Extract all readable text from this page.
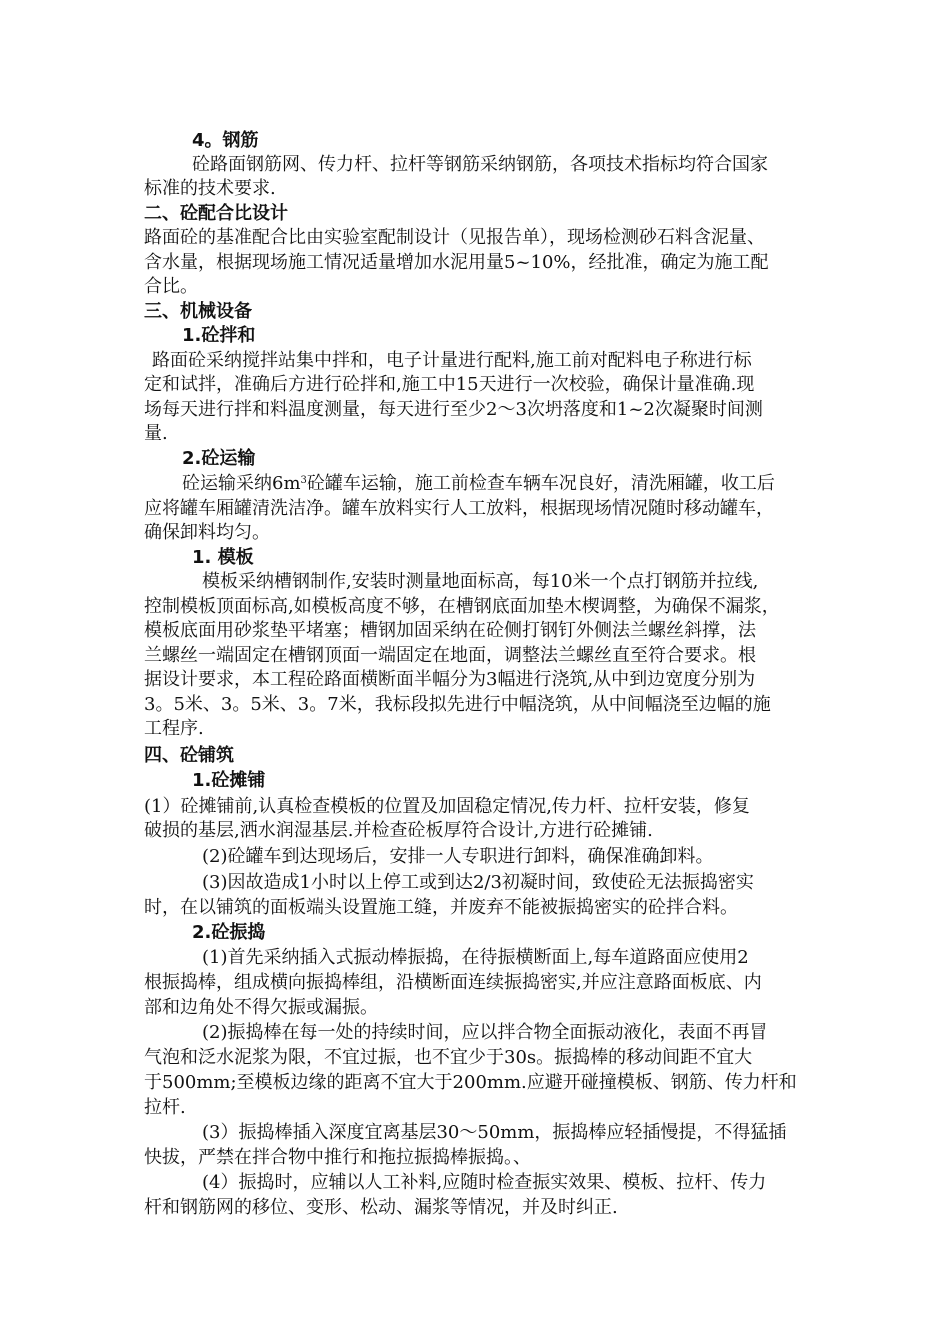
4。钢筋
砼路面钢筋网、传力杆、拉杆等钢筋采纳钢筋，各项技术指标均符合国家
标准的技术要求.
二、砼配合比设计
路面砼的基准配合比由实验室配制设计（见报告单），现场检测砂石料含泥量、
含水量，根据现场施工情况适量增加水泥用量5~10%，经批准，确定为施工配
合比。
三、机械设备
1.砼拌和
路面砼采纳搅拌站集中拌和，电子计量进行配料,施工前对配料电子称进行标
定和试拌，准确后方进行砼拌和,施工中15天进行一次校验，确保计量准确.现
场每天进行拌和料温度测量，每天进行至少2～3次坍落度和1~2次凝聚时间测
量.
2.砼运输
砼运输采纳$6m^3$砼罐车运输，施工前检查车辆车况良好，清洗厢罐，收工后
应将罐车厢罐清洗洁净。罐车放料实行人工放料，根据现场情况随时移动罐车，
确保卸料均匀。
1. 模板
模板采纳槽钢制作,安装时测量地面标高，每10米一个点打钢筋并拉线,
控制模板顶面标高,如模板高度不够，在槽钢底面加垫木楔调整，为确保不漏浆，
模板底面用砂浆垫平堵塞；槽钢加固采纳在砼侧打钢钉外侧法兰螺丝斜撑，法
兰螺丝一端固定在槽钢顶面一端固定在地面，调整法兰螺丝直至符合要求。根
据设计要求，本工程砼路面横断面半幅分为3幅进行浇筑,从中到边宽度分别为
3。5米、3。5米、3。7米，我标段拟先进行中幅浇筑，从中间幅浇至边幅的施
工程序.
四、砼铺筑
1.砼摊铺
(1）砼摊铺前,认真检查模板的位置及加固稳定情况,传力杆、拉杆安装，修复
破损的基层,洒水润湿基层.并检查砼板厚符合设计,方进行砼摊铺.
(2)砼罐车到达现场后，安排一人专职进行卸料，确保准确卸料。
(3)因故造成1小时以上停工或到达2/3初凝时间，致使砼无法振捣密实
时，在以铺筑的面板端头设置施工缝，并废弃不能被振捣密实的砼拌合料。
2.砼振捣
(1)首先采纳插入式振动棒振捣，在待振横断面上,每车道路面应使用2
根振捣棒，组成横向振捣棒组，沿横断面连续振捣密实,并应注意路面板底、内
部和边角处不得欠振或漏振。
(2)振捣棒在每一处的持续时间，应以拌合物全面振动液化，表面不再冒
气泡和泛水泥浆为限，不宜过振，也不宜少于30s。振捣棒的移动间距不宜大
于500mm;至模板边缘的距离不宜大于200mm.应避开碰撞模板、钢筋、传力杆和
拉杆.
(3）振捣棒插入深度宜离基层30～50mm，振捣棒应轻插慢提，不得猛插
快拔，严禁在拌合物中推行和拖拉振捣棒振捣。、
(4）振捣时，应辅以人工补料,应随时检查振实效果、模板、拉杆、传力
杆和钢筋网的移位、变形、松动、漏浆等情况，并及时纠正.
